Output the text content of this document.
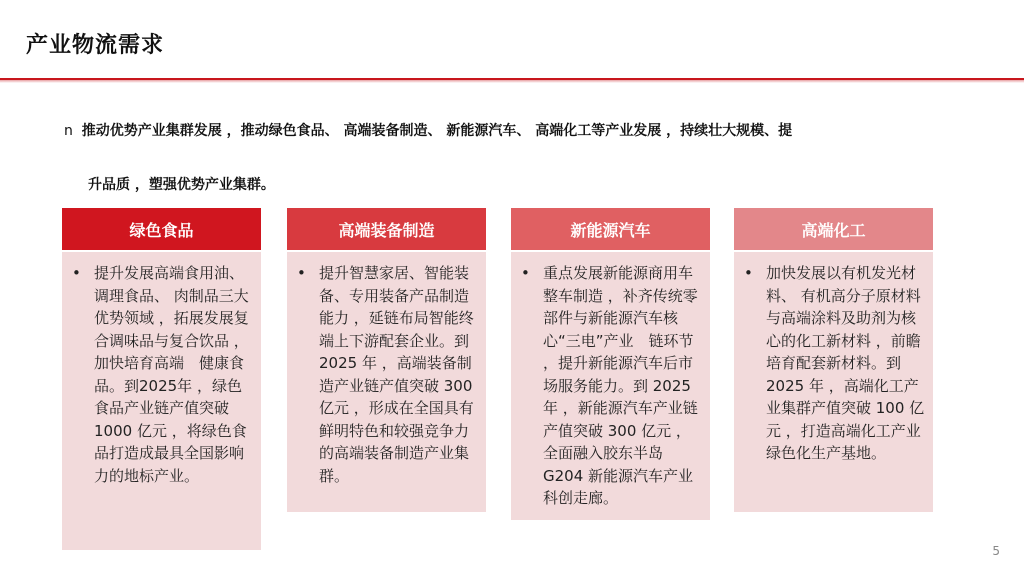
产业物流需求
n 推动优势产业集群发展 ，推动绿色食品、 高端装备制造、 新能源汽车、 高端化工等产业发展 ，持续壮大规模、提
升品质 ，塑强优势产业集群。
绿色食品
• 提升发展高端食用油、调理食品、 肉制品三大优势领域 ，拓展发展复合调味品与复合饮品 ，加快培育高端　健康食品。到2025年 ，绿色食品产业链产值突破 1000 亿元 ，将绿色食品打造成最具全国影响力的地标产业。
高端装备制造
• 提升智慧家居、智能装备、专用装备产品制造能力 ，延链布局智能终端上下游配套企业。到 2025 年 ，高端装备制造产业链产值突破 300 亿元 ，形成在全国具有鲜明特色和较强竞争力的高端装备制造产业集群。
新能源汽车
• 重点发展新能源商用车整车制造 ，补齐传统零部件与新能源汽车核心“三电”产业　链环节 ，提升新能源汽车后市场服务能力。到 2025 年 ，新能源汽车产业链产值突破 300 亿元 ，全面融入胶东半岛 G204 新能源汽车产业科创走廊。
高端化工
• 加快发展以有机发光材料、 有机高分子原材料与高端涂料及助剂为核心的化工新材料 ，前瞻培育配套新材料。到 2025 年 ，高端化工产业集群产值突破 100 亿元 ，打造高端化工产业绿色化生产基地。
5
